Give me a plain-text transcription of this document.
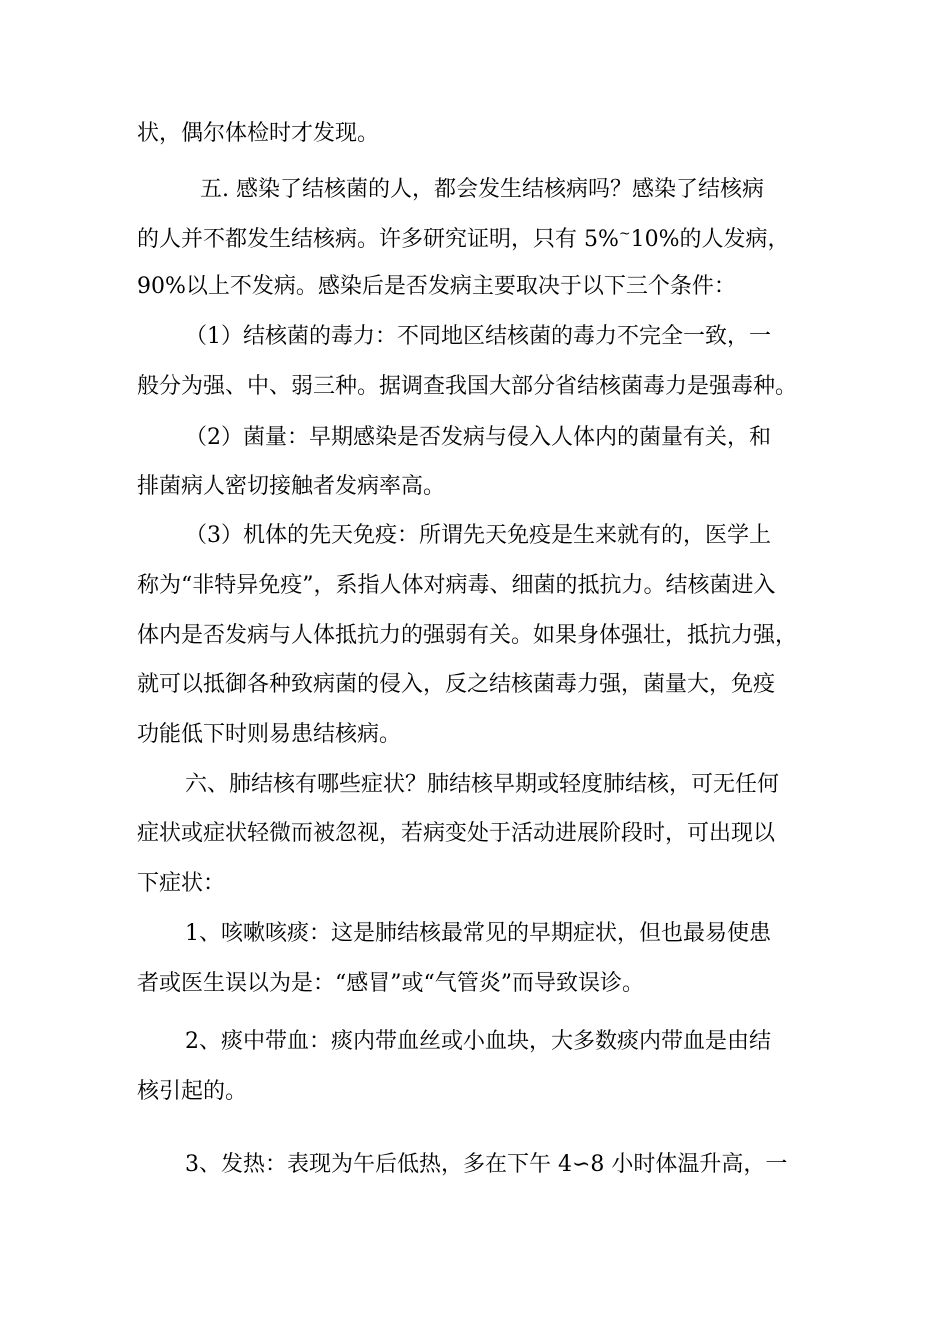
状，偶尔体检时才发现。
五. 感染了结核菌的人，都会发生结核病吗？感染了结核病
的人并不都发生结核病。许多研究证明，只有 5%~10%的人发病，
90%以上不发病。感染后是否发病主要取决于以下三个条件：
（1）结核菌的毒力：不同地区结核菌的毒力不完全一致，一
般分为强、中、弱三种。据调查我国大部分省结核菌毒力是强毒种。
（2）菌量：早期感染是否发病与侵入人体内的菌量有关，和
排菌病人密切接触者发病率高。
（3）机体的先天免疫：所谓先天免疫是生来就有的，医学上
称为“非特异免疫”，系指人体对病毒、细菌的抵抗力。结核菌进入
体内是否发病与人体抵抗力的强弱有关。如果身体强壮，抵抗力强，
就可以抵御各种致病菌的侵入，反之结核菌毒力强，菌量大，免疫
功能低下时则易患结核病。
六、肺结核有哪些症状？肺结核早期或轻度肺结核，可无任何
症状或症状轻微而被忽视，若病变处于活动进展阶段时，可出现以
下症状：
1、咳嗽咳痰：这是肺结核最常见的早期症状，但也最易使患
者或医生误以为是：“感冒”或“气管炎”而导致误诊。
2、痰中带血：痰内带血丝或小血块，大多数痰内带血是由结
核引起的。
3、发热：表现为午后低热，多在下午 4∽8 小时体温升高，一
